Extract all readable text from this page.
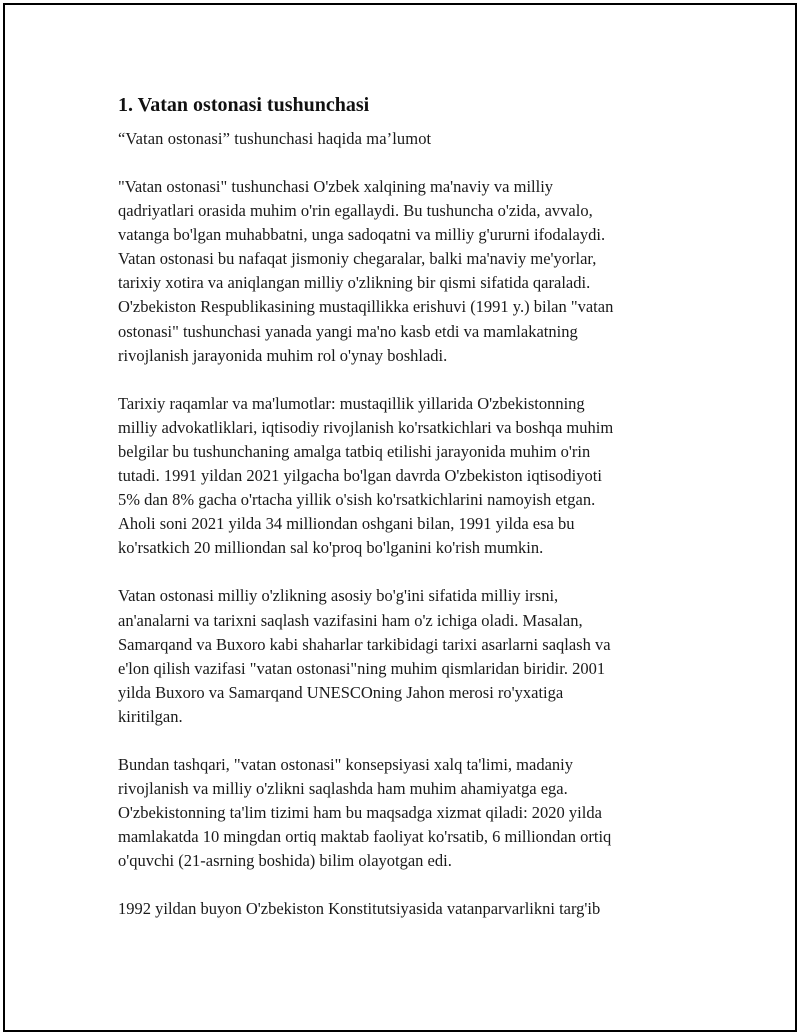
1. Vatan ostonasi tushunchasi

“Vatan ostonasi” tushunchasi haqida ma’lumot

"Vatan ostonasi" tushunchasi O'zbek xalqining ma'naviy va milliy
qadriyatlari orasida muhim o'rin egallaydi. Bu tushuncha o'zida, avvalo,
vatanga bo'lgan muhabbatni, unga sadoqatni va milliy g'ururni ifodalaydi.
Vatan ostonasi bu nafaqat jismoniy chegaralar, balki ma'naviy me'yorlar,
tarixiy xotira va aniqlangan milliy o'zlikning bir qismi sifatida qaraladi.
O'zbekiston Respublikasining mustaqillikka erishuvi (1991 y.) bilan "vatan
ostonasi" tushunchasi yanada yangi ma'no kasb etdi va mamlakatning
rivojlanish jarayonida muhim rol o'ynay boshladi.

Tarixiy raqamlar va ma'lumotlar: mustaqillik yillarida O'zbekistonning
milliy advokatliklari, iqtisodiy rivojlanish ko'rsatkichlari va boshqa muhim
belgilar bu tushunchaning amalga tatbiq etilishi jarayonida muhim o'rin
tutadi. 1991 yildan 2021 yilgacha bo'lgan davrda O'zbekiston iqtisodiyoti
5% dan 8% gacha o'rtacha yillik o'sish ko'rsatkichlarini namoyish etgan.
Aholi soni 2021 yilda 34 milliondan oshgani bilan, 1991 yilda esa bu
ko'rsatkich 20 milliondan sal ko'proq bo'lganini ko'rish mumkin.

Vatan ostonasi milliy o'zlikning asosiy bo'g'ini sifatida milliy irsni,
an'analarni va tarixni saqlash vazifasini ham o'z ichiga oladi. Masalan,
Samarqand va Buxoro kabi shaharlar tarkibidagi tarixi asarlarni saqlash va
e'lon qilish vazifasi "vatan ostonasi"ning muhim qismlaridan biridir. 2001
yilda Buxoro va Samarqand UNESCOning Jahon merosi ro'yxatiga
kiritilgan.

Bundan tashqari, "vatan ostonasi" konsepsiyasi xalq ta'limi, madaniy
rivojlanish va milliy o'zlikni saqlashda ham muhim ahamiyatga ega.
O'zbekistonning ta'lim tizimi ham bu maqsadga xizmat qiladi: 2020 yilda
mamlakatda 10 mingdan ortiq maktab faoliyat ko'rsatib, 6 milliondan ortiq
o'quvchi (21-asrning boshida) bilim olayotgan edi.

1992 yildan buyon O'zbekiston Konstitutsiyasida vatanparvarlikni targ'ib
